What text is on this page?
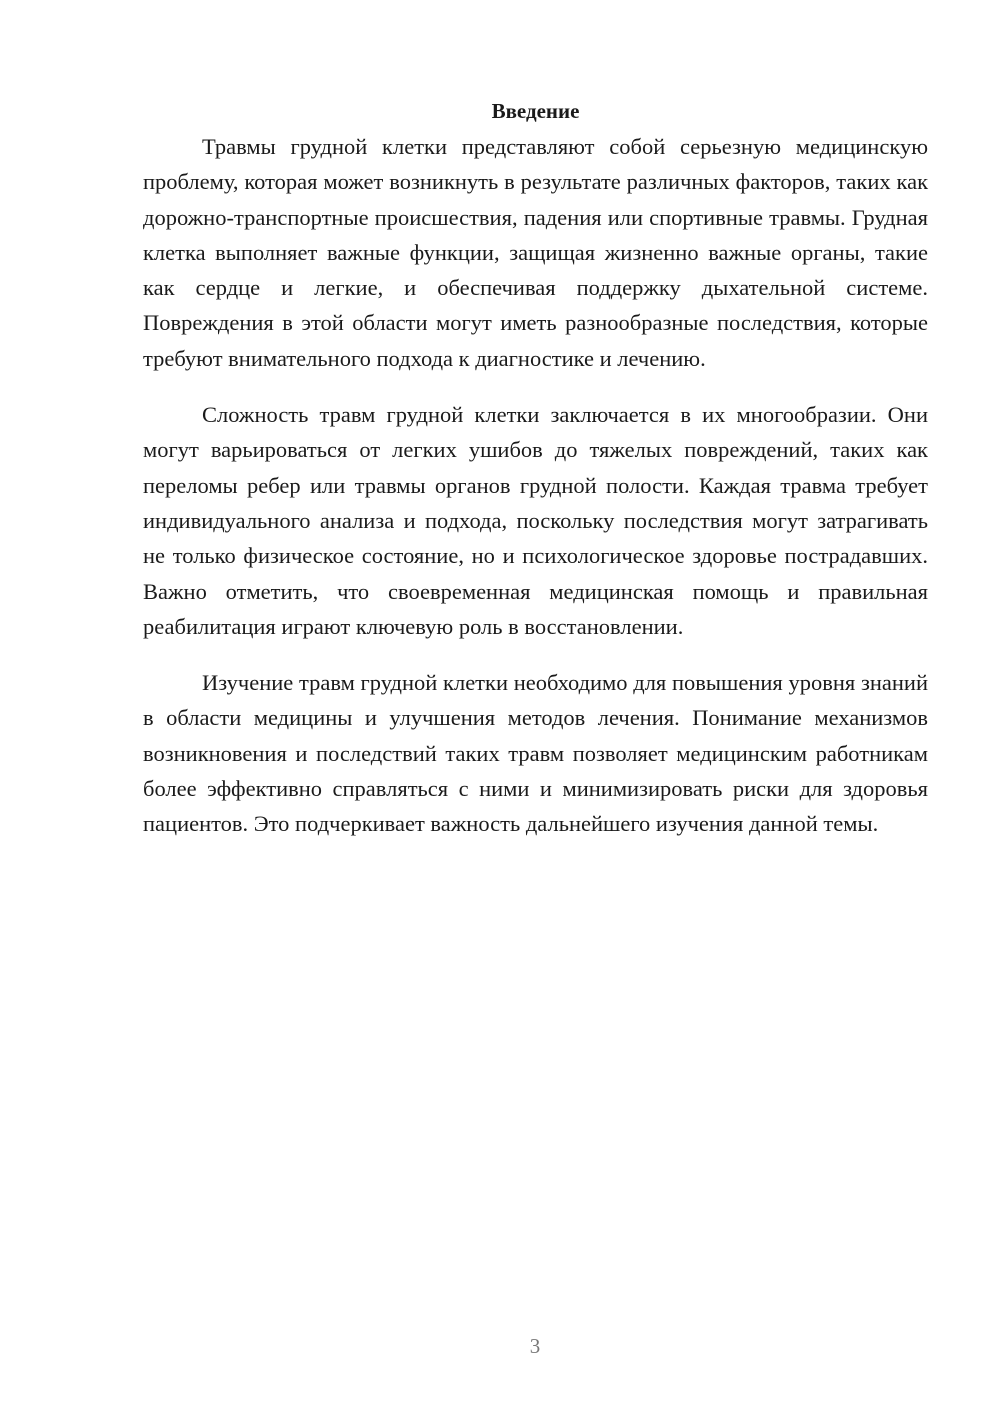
Введение

Травмы грудной клетки представляют собой серьезную медицинскую проблему, которая может возникнуть в результате различных факторов, таких как дорожно-транспортные происшествия, падения или спортивные травмы. Грудная клетка выполняет важные функции, защищая жизненно важные органы, такие как сердце и легкие, и обеспечивая поддержку дыхательной системе. Повреждения в этой области могут иметь разнообразные последствия, которые требуют внимательного подхода к диагностике и лечению.

Сложность травм грудной клетки заключается в их многообразии. Они могут варьироваться от легких ушибов до тяжелых повреждений, таких как переломы ребер или травмы органов грудной полости. Каждая травма требует индивидуального анализа и подхода, поскольку последствия могут затрагивать не только физическое состояние, но и психологическое здоровье пострадавших. Важно отметить, что своевременная медицинская помощь и правильная реабилитация играют ключевую роль в восстановлении.

Изучение травм грудной клетки необходимо для повышения уровня знаний в области медицины и улучшения методов лечения. Понимание механизмов возникновения и последствий таких травм позволяет медицинским работникам более эффективно справляться с ними и минимизировать риски для здоровья пациентов. Это подчеркивает важность дальнейшего изучения данной темы.

3
